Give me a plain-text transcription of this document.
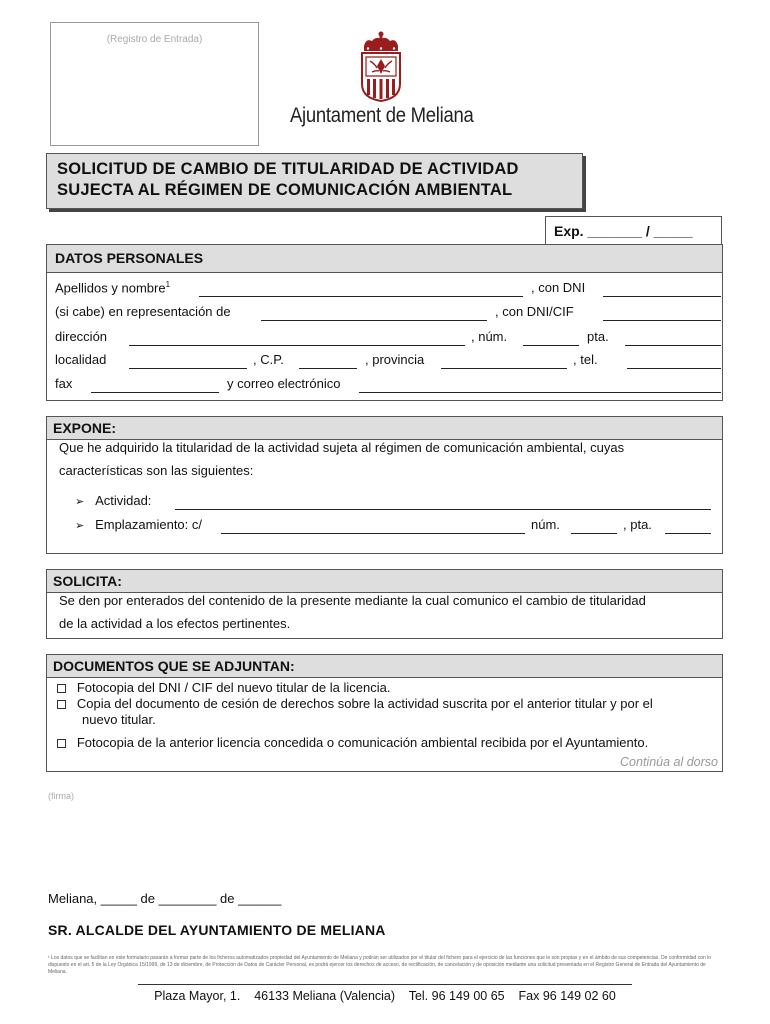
(Registro de Entrada)
Ajuntament de Meliana
SOLICITUD DE CAMBIO DE TITULARIDAD DE ACTIVIDAD
SUJECTA AL RÉGIMEN DE COMUNICACIÓN AMBIENTAL
Exp. _______ / _____
DATOS PERSONALES
Apellidos y nombre$^1$	, con DNI
(si cabe) en representación de	, con DNI/CIF
dirección	, núm.	pta.
localidad	, C.P.	, provincia	, tel.
fax	y correo electrónico
EXPONE:
Que he adquirido la titularidad de la actividad sujeta al régimen de comunicación ambiental, cuyas
características son las siguientes:
➢ Actividad:
➢ Emplazamiento: c/	núm.	, pta.
SOLICITA:
Se den por enterados del contenido de la presente mediante la cual comunico el cambio de titularidad
de la actividad a los efectos pertinentes.
DOCUMENTOS QUE SE ADJUNTAN:
Fotocopia del DNI / CIF del nuevo titular de la licencia.
Copia del documento de cesión de derechos sobre la actividad suscrita por el anterior titular y por el
nuevo titular.
Fotocopia de la anterior licencia concedida o comunicación ambiental recibida por el Ayuntamiento.
Continúa al dorso
(firma)
Meliana, _____ de ________ de ______
SR. ALCALDE DEL AYUNTAMIENTO DE MELIANA
¹ Los datos que se facilitan en este formulario pasarán a formar parte de los ficheros automatizados propiedad del Ayuntamiento de Meliana y podrán ser utilizados por el titular del fichero para el ejercicio de las funciones que le son propias y en el ámbito de sus competencias. De conformidad con lo dispuesto en el art. 5 de la Ley Orgánica 15/1999, de 13 de diciembre, de Protección de Datos de Carácter Personal, es podrá ejercer los derechos de acceso, de rectificación, de cancelación y de oposición mediante una solicitud presentada en el Registro General de Entrada del Ayuntamiento de Meliana.
Plaza Mayor, 1.    46133 Meliana (Valencia)    Tel. 96 149 00 65    Fax 96 149 02 60
